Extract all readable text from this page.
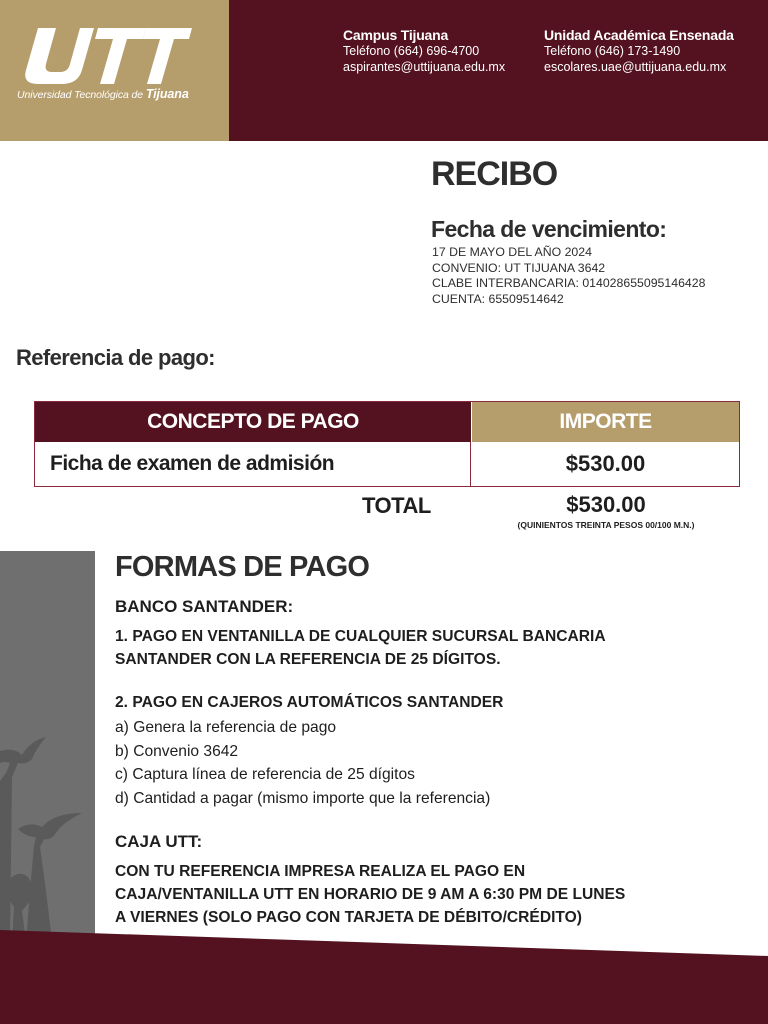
Universidad Tecnológica de Tijuana
Campus Tijuana
Teléfono (664) 696-4700
aspirantes@uttijuana.edu.mx
Unidad Académica Ensenada
Teléfono (646) 173-1490
escolares.uae@uttijuana.edu.mx
RECIBO
Fecha de vencimiento:
17 DE MAYO DEL AÑO 2024
CONVENIO: UT TIJUANA 3642
CLABE INTERBANCARIA: 014028655095146428
CUENTA: 65509514642
Referencia de pago:
CONCEPTO DE PAGO	IMPORTE
Ficha de examen de admisión	$530.00
TOTAL	$530.00
(QUINIENTOS TREINTA PESOS 00/100 M.N.)
FORMAS DE PAGO
BANCO SANTANDER:
1. PAGO EN VENTANILLA DE CUALQUIER SUCURSAL BANCARIA
SANTANDER CON LA REFERENCIA DE 25 DÍGITOS.
2. PAGO EN CAJEROS AUTOMÁTICOS SANTANDER
a) Genera la referencia de pago
b) Convenio 3642
c) Captura línea de referencia de 25 dígitos
d) Cantidad a pagar (mismo importe que la referencia)
CAJA UTT:
CON TU REFERENCIA IMPRESA REALIZA EL PAGO EN
CAJA/VENTANILLA UTT EN HORARIO DE 9 AM A 6:30 PM DE LUNES
A VIERNES (SOLO PAGO CON TARJETA DE DÉBITO/CRÉDITO)
